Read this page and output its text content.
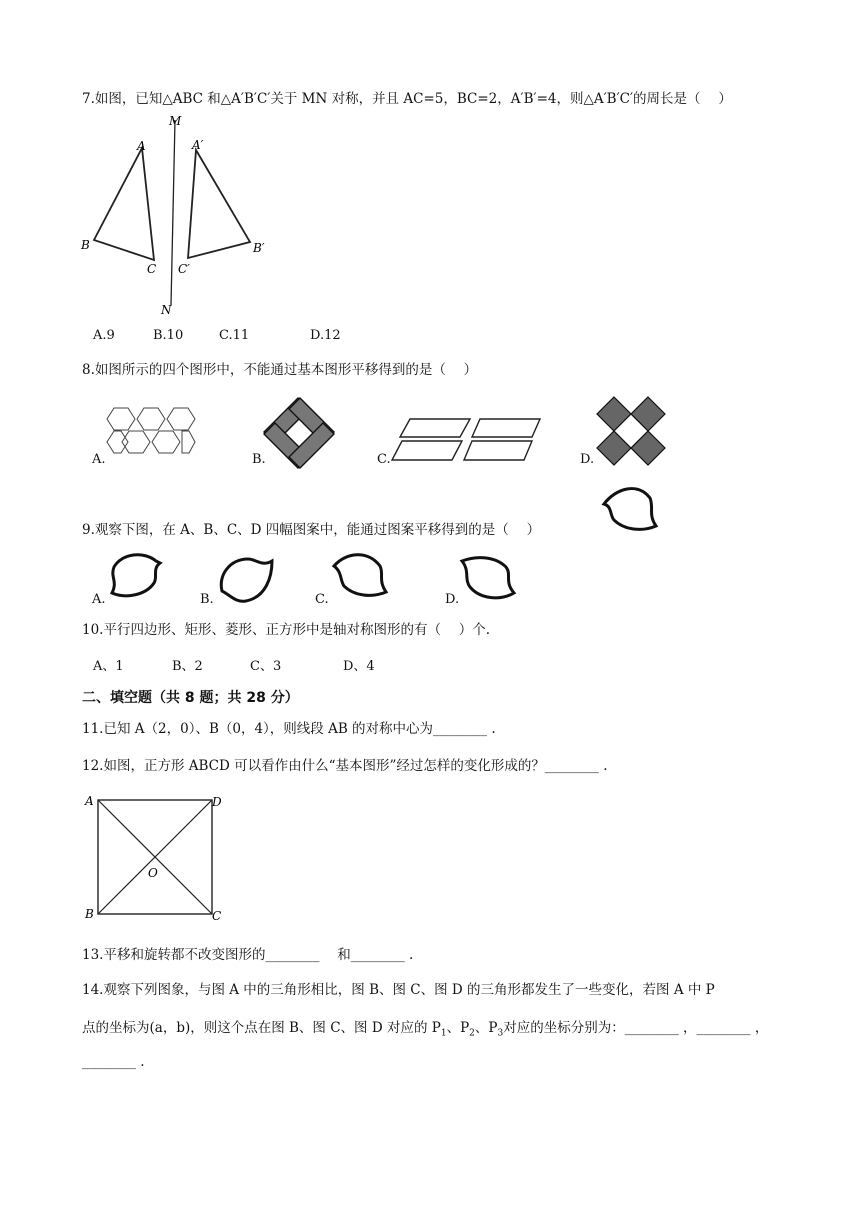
7.如图，已知△ABC 和△A′B′C′关于 MN 对称，并且 AC=5，BC=2，A′B′=4，则△A′B′C′的周长是（　 ）
M
N
A
B
C
A′
B′
C′
A.9	B.10	C.11	D.12
8.如图所示的四个图形中，不能通过基本图形平移得到的是（　 ）
A.	B.	C.	D.
9.观察下图，在 A、B、C、D 四幅图案中，能通过图案平移得到的是（　 ）
A.	B.	C.	D.
10.平行四边形、矩形、菱形、正方形中是轴对称图形的有（　 ）个.
A、1	B、2	C、3	D、4
二、填空题（共 8 题；共 28 分）
11.已知 A（2，0）、B（0，4），则线段 AB 的对称中心为________ .
12.如图，正方形 ABCD 可以看作由什么“基本图形”经过怎样的变化形成的？________ .
A	D
B	C
O
13.平移和旋转都不改变图形的________　 和________ .
14.观察下列图象，与图 A 中的三角形相比，图 B、图 C、图 D 的三角形都发生了一些变化，若图 A 中 P
点的坐标为(a，b)，则这个点在图 B、图 C、图 D 对应的 $P_1$、$P_2$、$P_3$对应的坐标分别为：________ ，________ ，
________ .
